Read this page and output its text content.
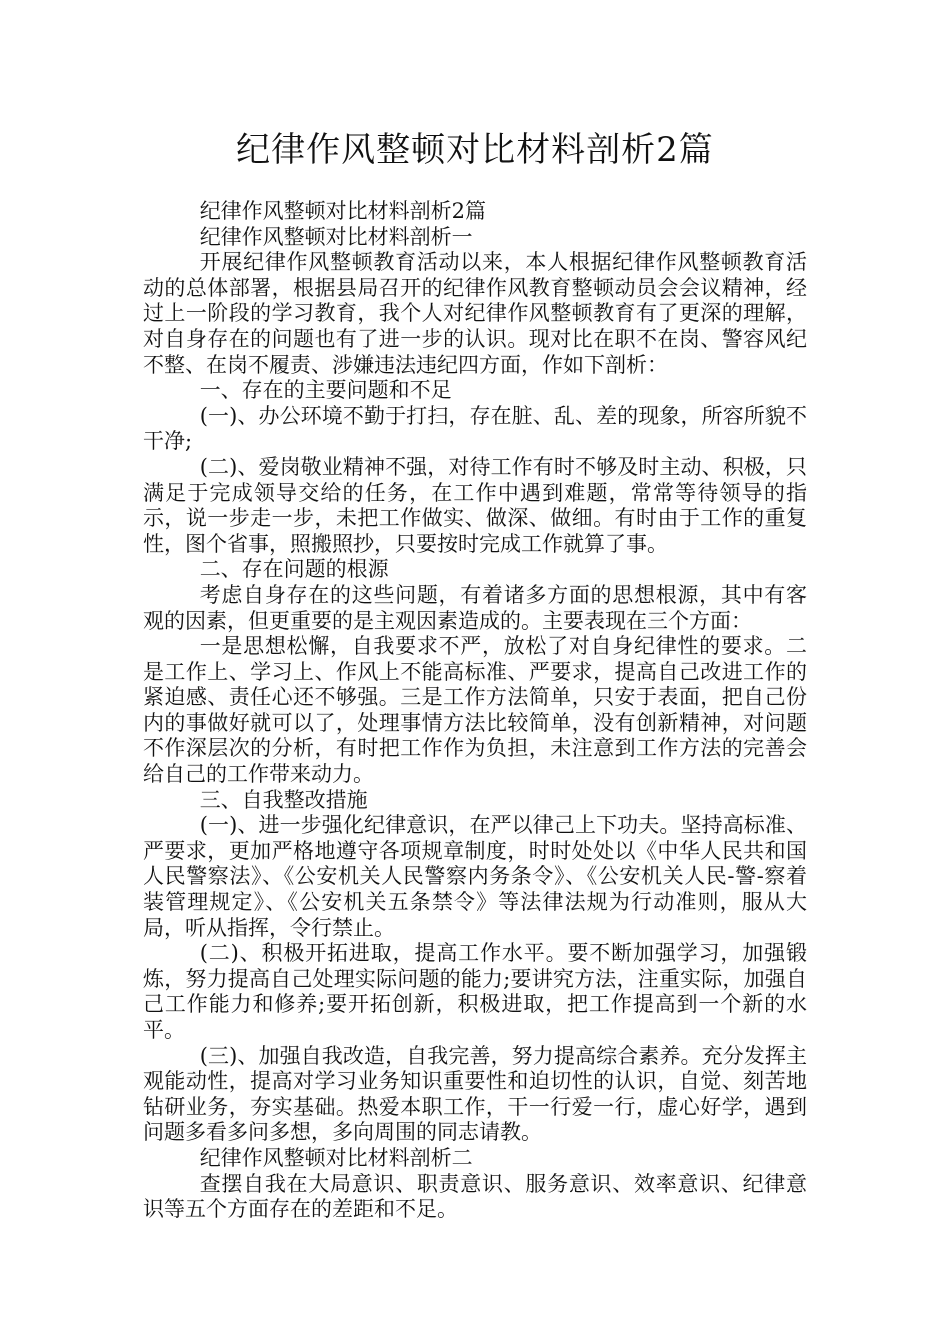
纪律作风整顿对比材料剖析2篇

纪律作风整顿对比材料剖析2篇

纪律作风整顿对比材料剖析一

开展纪律作风整顿教育活动以来，本人根据纪律作风整顿教育活动的总体部署，根据县局召开的纪律作风教育整顿动员会会议精神，经过上一阶段的学习教育，我个人对纪律作风整顿教育有了更深的理解，对自身存在的问题也有了进一步的认识。现对比在职不在岗、警容风纪不整、在岗不履责、涉嫌违法违纪四方面，作如下剖析：

一、存在的主要问题和不足

(一)、办公环境不勤于打扫，存在脏、乱、差的现象，所容所貌不干净;

(二)、爱岗敬业精神不强，对待工作有时不够及时主动、积极，只满足于完成领导交给的任务，在工作中遇到难题，常常等待领导的指示，说一步走一步，未把工作做实、做深、做细。有时由于工作的重复性，图个省事，照搬照抄，只要按时完成工作就算了事。

二、存在问题的根源

考虑自身存在的这些问题，有着诸多方面的思想根源，其中有客观的因素，但更重要的是主观因素造成的。主要表现在三个方面：

一是思想松懈，自我要求不严，放松了对自身纪律性的要求。二是工作上、学习上、作风上不能高标准、严要求，提高自己改进工作的紧迫感、责任心还不够强。三是工作方法简单，只安于表面，把自己份内的事做好就可以了，处理事情方法比较简单，没有创新精神，对问题不作深层次的分析，有时把工作作为负担，未注意到工作方法的完善会给自己的工作带来动力。

三、自我整改措施

(一)、进一步强化纪律意识，在严以律己上下功夫。坚持高标准、严要求，更加严格地遵守各项规章制度，时时处处以《中华人民共和国人民警察法》、《公安机关人民警察内务条令》、《公安机关人民-警-察着装管理规定》、《公安机关五条禁令》等法律法规为行动准则，服从大局，听从指挥，令行禁止。

(二)、积极开拓进取，提高工作水平。要不断加强学习，加强锻炼，努力提高自己处理实际问题的能力;要讲究方法，注重实际，加强自己工作能力和修养;要开拓创新，积极进取，把工作提高到一个新的水平。

(三)、加强自我改造，自我完善，努力提高综合素养。充分发挥主观能动性，提高对学习业务知识重要性和迫切性的认识，自觉、刻苦地钻研业务，夯实基础。热爱本职工作，干一行爱一行，虚心好学，遇到问题多看多问多想，多向周围的同志请教。

纪律作风整顿对比材料剖析二

查摆自我在大局意识、职责意识、服务意识、效率意识、纪律意识等五个方面存在的差距和不足。
